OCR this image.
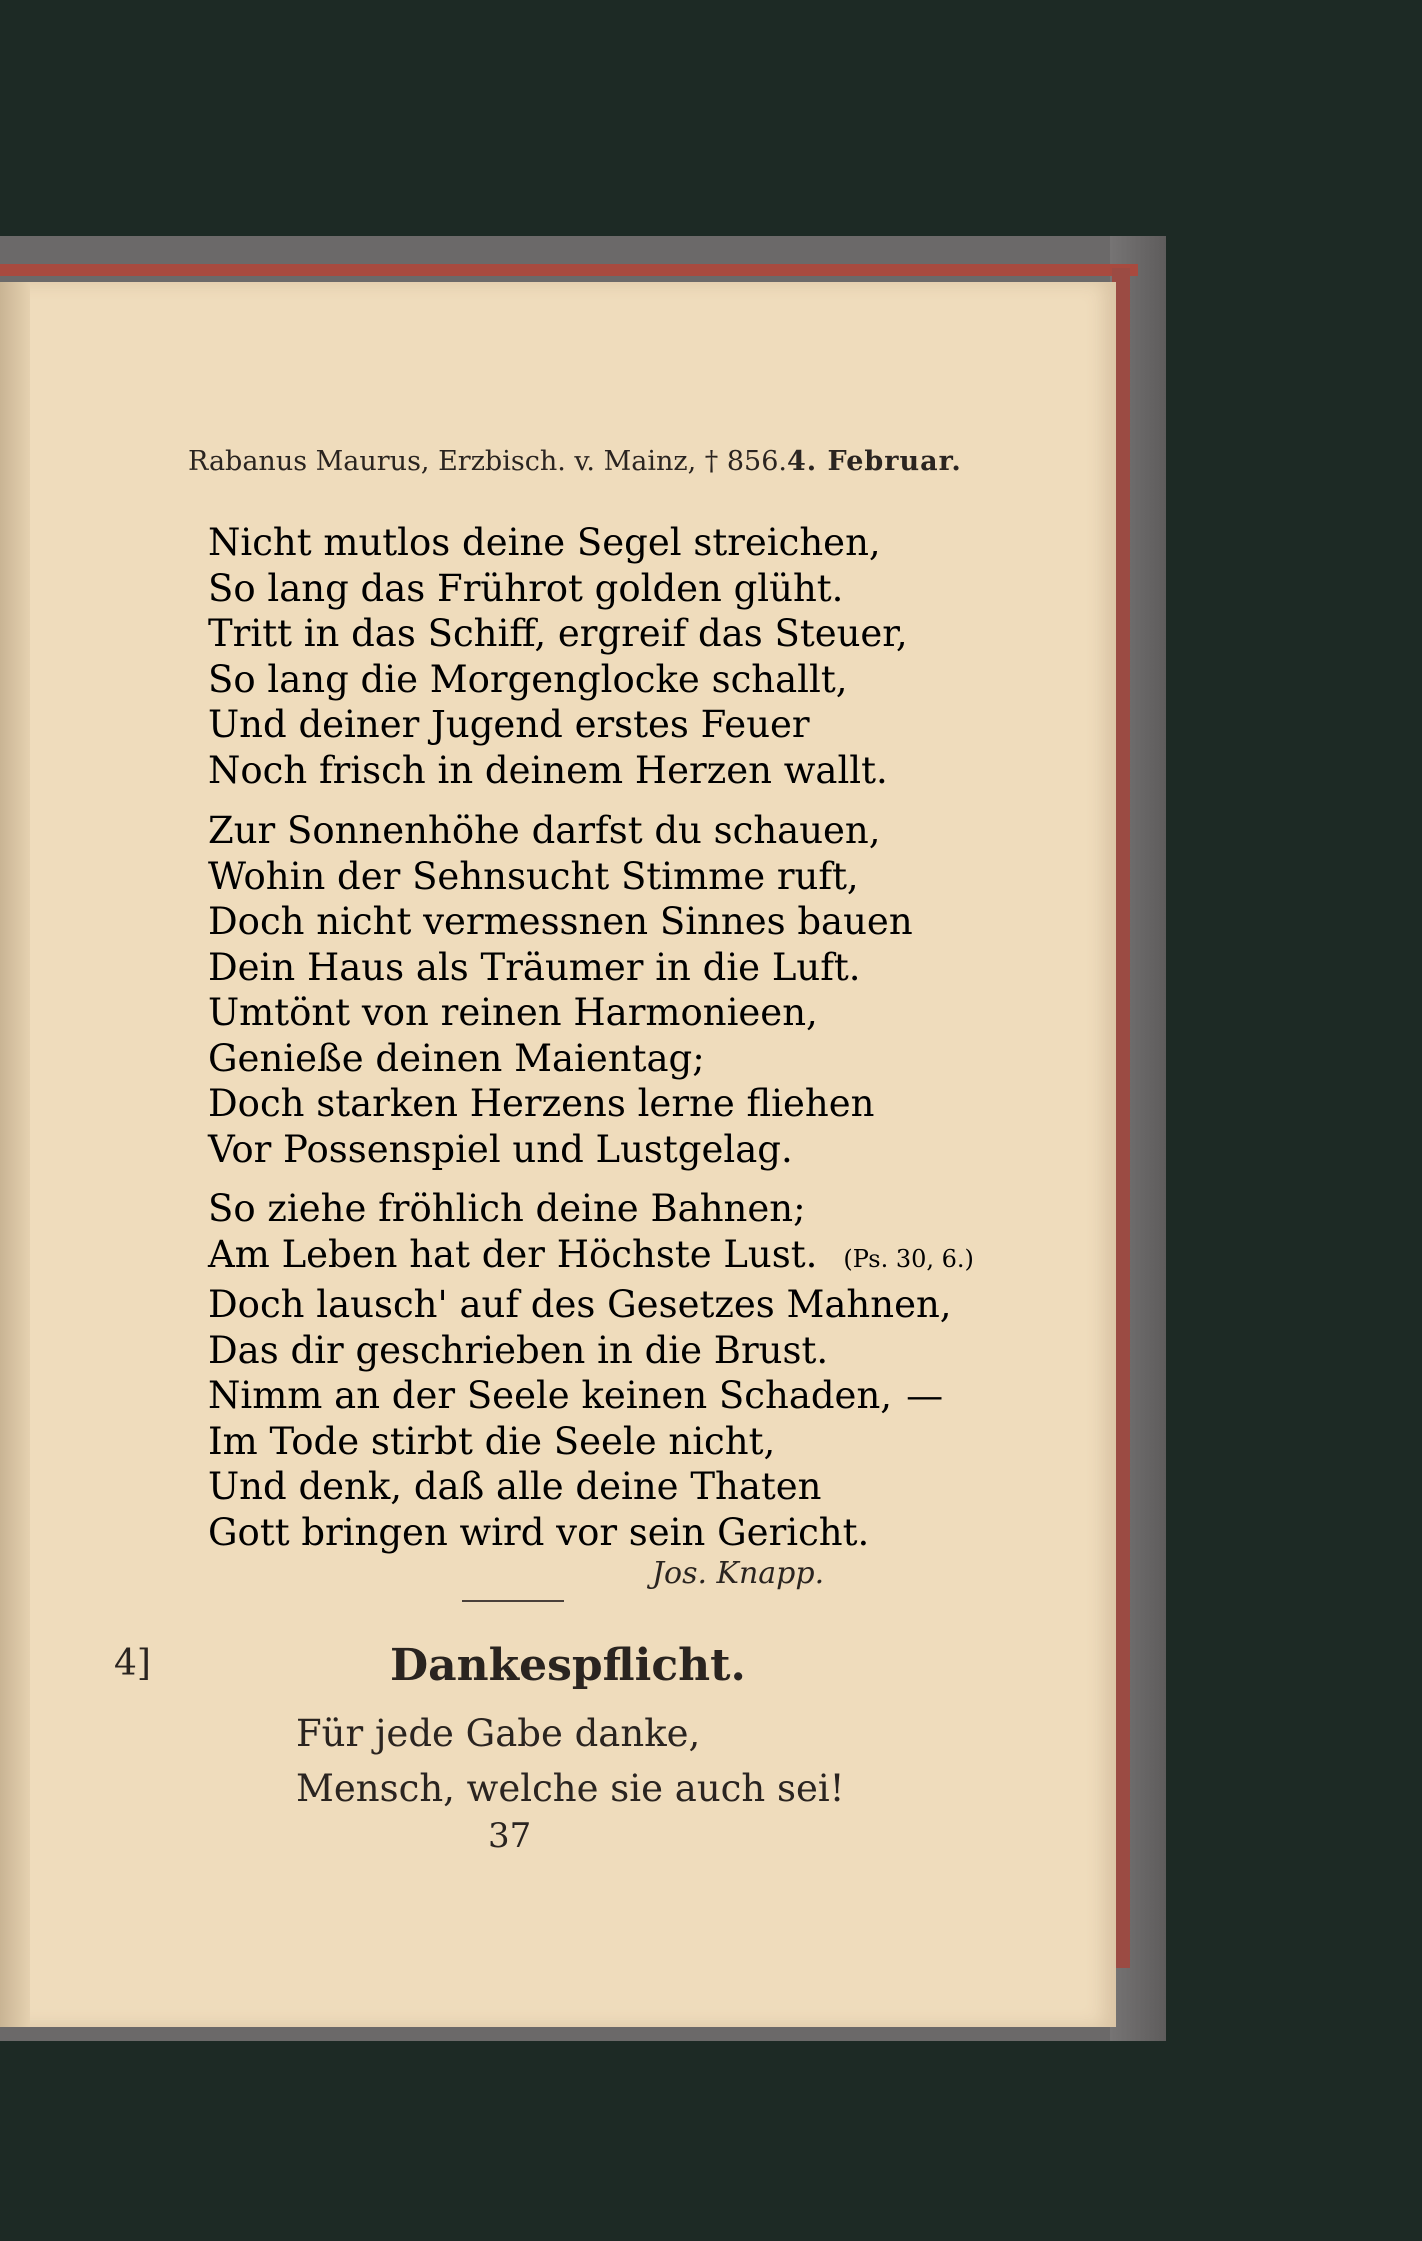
Rabanus Maurus, Erzbisch. v. Mainz, † 856. 4. Februar.
Nicht mutlos deine Segel streichen,
So lang das Frührot golden glüht.
Tritt in das Schiff, ergreif das Steuer,
So lang die Morgenglocke schallt,
Und deiner Jugend erstes Feuer
Noch frisch in deinem Herzen wallt.
Zur Sonnenhöhe darfst du schauen,
Wohin der Sehnsucht Stimme ruft,
Doch nicht vermessnen Sinnes bauen
Dein Haus als Träumer in die Luft.
Umtönt von reinen Harmonieen,
Genieße deinen Maientag;
Doch starken Herzens lerne fliehen
Vor Possenspiel und Lustgelag.
So ziehe fröhlich deine Bahnen;
Am Leben hat der Höchste Lust. (Ps. 30, 6.)
Doch lausch' auf des Gesetzes Mahnen,
Das dir geschrieben in die Brust.
Nimm an der Seele keinen Schaden, —
Im Tode stirbt die Seele nicht,
Und denk, daß alle deine Thaten
Gott bringen wird vor sein Gericht.
Jos. Knapp.
4]	Dankespflicht.
Für jede Gabe danke,
Mensch, welche sie auch sei!
37
